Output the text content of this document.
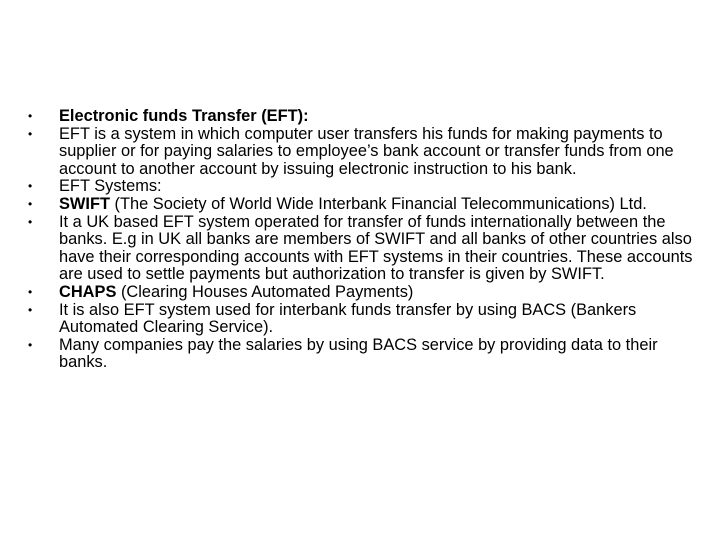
•	Electronic funds Transfer (EFT):
•	EFT is a system in which computer user transfers his funds for making payments to supplier or for paying salaries to employee’s bank account or transfer funds from one account to another account by issuing electronic instruction to his bank.
•	EFT Systems:
•	SWIFT (The Society of World Wide Interbank Financial Telecommunications) Ltd.
•	It a UK based EFT system operated for transfer of funds internationally between the banks. E.g in UK all banks are members of SWIFT and all banks of other countries also have their corresponding accounts with EFT systems in their countries. These accounts are used to settle payments but authorization to transfer is given by SWIFT.
•	CHAPS (Clearing Houses Automated Payments)
•	It is also EFT system used for interbank funds transfer by using BACS (Bankers Automated Clearing Service).
•	Many companies pay the salaries by using BACS service by providing data to their banks.
